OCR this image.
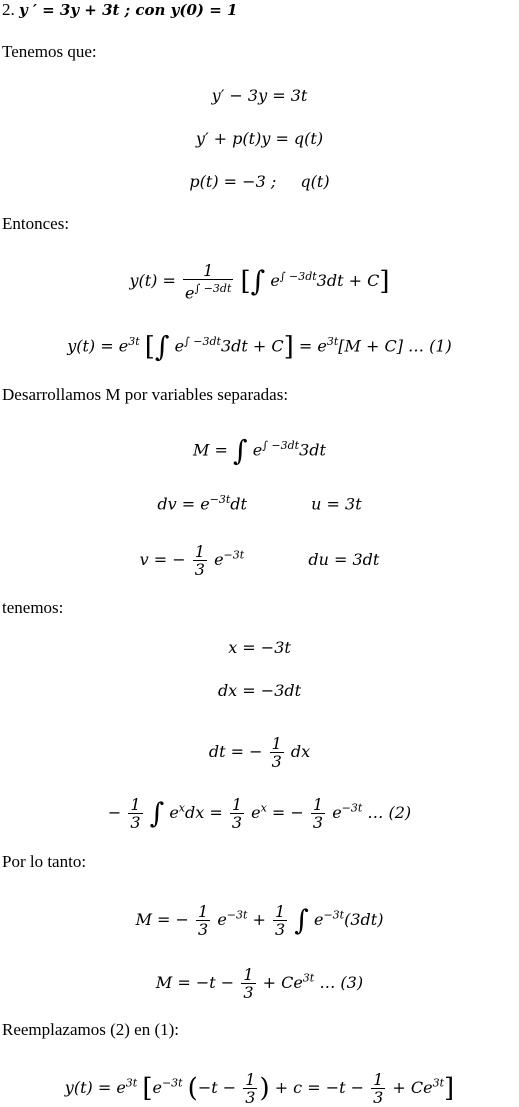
2. y ′ = 3y + 3t ; con y(0) = 1
Tenemos que:
y′ − 3y = 3t
y′ + p(t)y = q(t)
p(t) = −3 ; q(t)
Entonces:
$y(t) = \frac{1}{e^{\int -3dt}}$ [∫ $e^{\int -3dt}3dt + C$]
$y(t) = e^{3t}$ [∫ $e^{\int -3dt}3dt + C] = e^{3t}[M + C]$ … (1)
Desarrollamos M por variables separadas:
M = ∫ $e^{\int -3dt}3dt$
dv = $e^{-3t}dt$	u = 3t
v = − $\frac{1}{3} e^{-3t}$	du = 3dt
tenemos:
x = −3t
dx = −3dt
dt = − $\frac{1}{3}$ dx
− $\frac{1}{3}$ ∫ $e^xdx = \frac{1}{3} e^x$ = − $\frac{1}{3} e^{-3t}$ … (2)
Por lo tanto:
M = − $\frac{1}{3} e^{-3t} + \frac{1}{3}$ ∫ $e^{-3t}(3dt)$
$M = -t - \frac{1}{3} + Ce^{3t}$ … (3)
Reemplazamos (2) en (1):
$y(t) = e^{3t}$ [$e^{-3t}$ ($-t - \frac{1}{3}$ ) + $c = -t - \frac{1}{3} + Ce^{3t}$]
